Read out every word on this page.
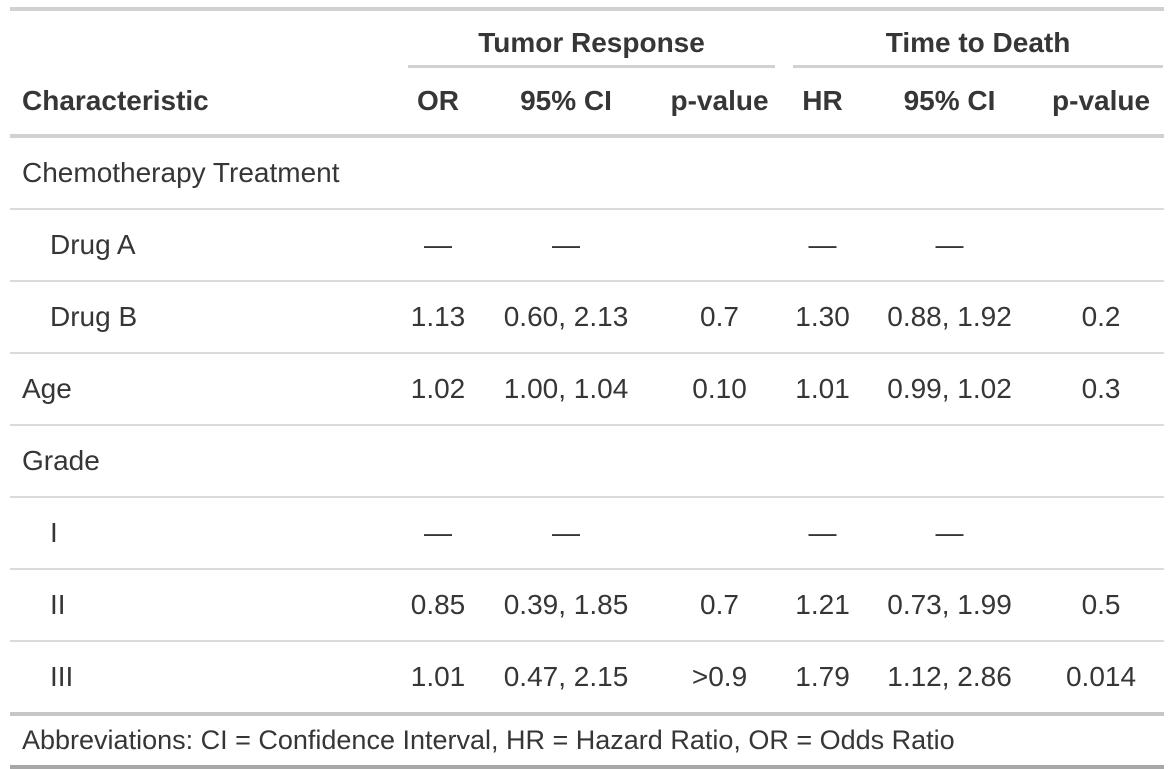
	Tumor Response			Time to Death		

Characteristic	OR	95% CI	p-value	HR	95% CI	p-value
Chemotherapy Treatment						
Drug A	—	—		—	—	
Drug B	1.13	0.60, 2.13	0.7	1.30	0.88, 1.92	0.2
Age	1.02	1.00, 1.04	0.10	1.01	0.99, 1.02	0.3
Grade						
I	—	—		—	—	
II	0.85	0.39, 1.85	0.7	1.21	0.73, 1.99	0.5
III	1.01	0.47, 2.15	>0.9	1.79	1.12, 2.86	0.014
Abbreviations: CI = Confidence Interval, HR = Hazard Ratio, OR = Odds Ratio						
